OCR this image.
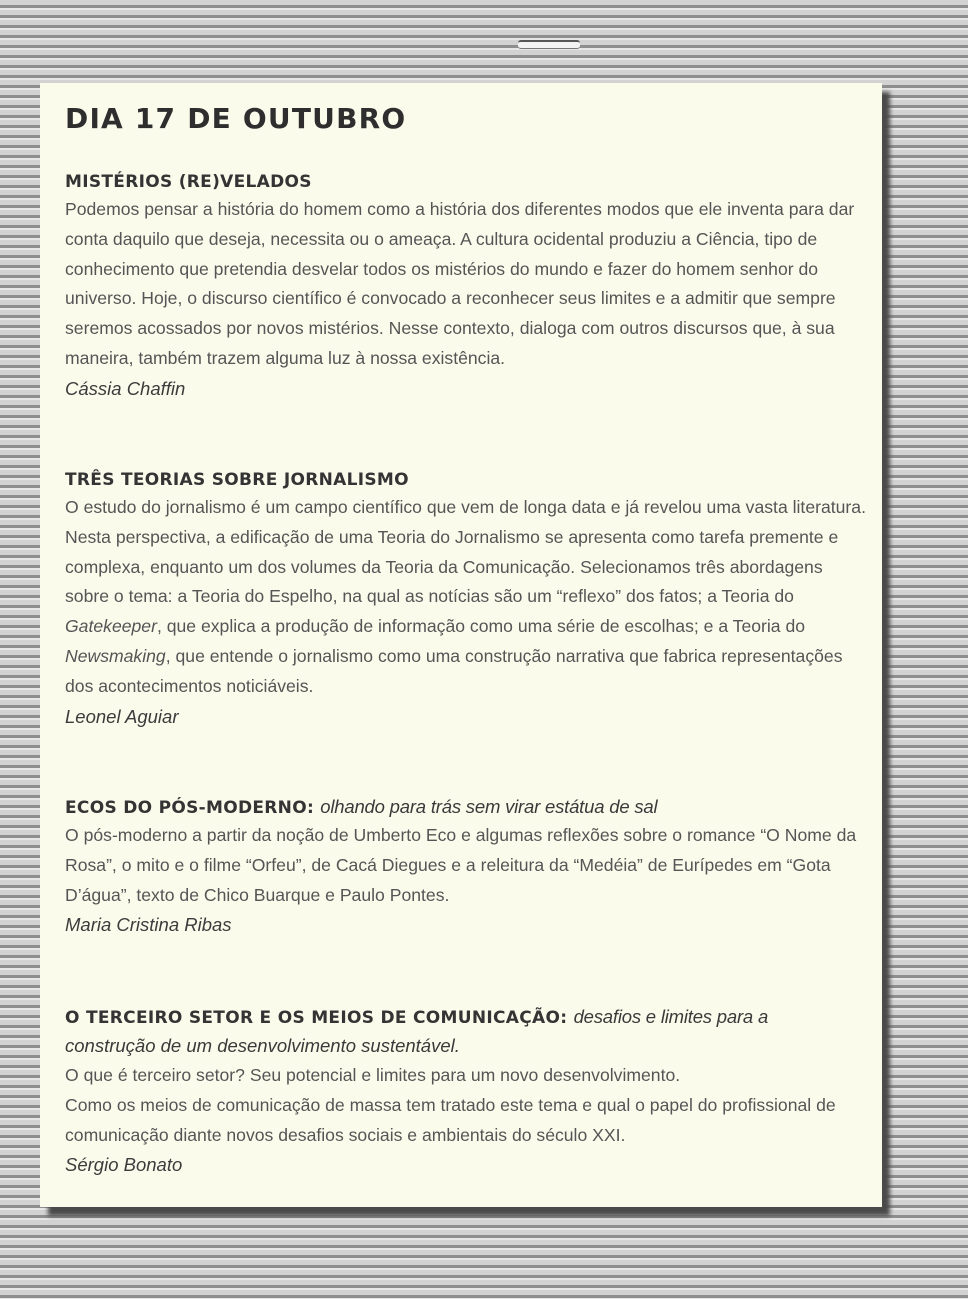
DIA 17 DE OUTUBRO
MISTÉRIOS (RE)VELADOS

Podemos pensar a história do homem como a história dos diferentes modos que ele inventa para dar conta daquilo que deseja, necessita ou o ameaça. A cultura ocidental produziu a Ciência, tipo de conhecimento que pretendia desvelar todos os mistérios do mundo e fazer do homem senhor do universo. Hoje, o discurso científico é convocado a reconhecer seus limites e a admitir que sempre seremos acossados por novos mistérios. Nesse contexto, dialoga com outros discursos que, à sua maneira, também trazem alguma luz à nossa existência.

Cássia Chaffin
TRÊS TEORIAS SOBRE JORNALISMO

O estudo do jornalismo é um campo científico que vem de longa data e já revelou uma vasta literatura. Nesta perspectiva, a edificação de uma Teoria do Jornalismo se apresenta como tarefa premente e complexa, enquanto um dos volumes da Teoria da Comunicação. Selecionamos três abordagens sobre o tema: a Teoria do Espelho, na qual as notícias são um “reflexo” dos fatos; a Teoria do Gatekeeper, que explica a produção de informação como uma série de escolhas; e a Teoria do Newsmaking, que entende o jornalismo como uma construção narrativa que fabrica representações dos acontecimentos noticiáveis.

Leonel Aguiar
ECOS DO PÓS-MODERNO: olhando para trás sem virar estátua de sal

O pós-moderno a partir da noção de Umberto Eco e algumas reflexões sobre o romance “O Nome da Rosa”, o mito e o filme “Orfeu”, de Cacá Diegues e a releitura da “Medéia” de Eurípedes em “Gota D’água”, texto de Chico Buarque e Paulo Pontes.

Maria Cristina Ribas
O TERCEIRO SETOR E OS MEIOS DE COMUNICAÇÃO: desafios e limites para a
construção de um desenvolvimento sustentável.

O que é terceiro setor? Seu potencial e limites para um novo desenvolvimento.

Como os meios de comunicação de massa tem tratado este tema e qual o papel do profissional de comunicação diante novos desafios sociais e ambientais do século XXI.

Sérgio Bonato
